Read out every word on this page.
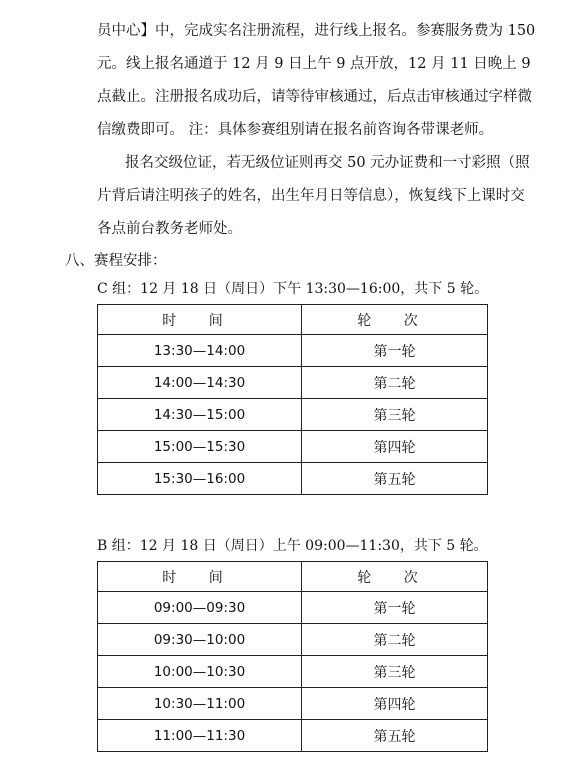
员中心】中，完成实名注册流程，进行线上报名。参赛服务费为 150
元。线上报名通道于 12 月 9 日上午 9 点开放，12 月 11 日晚上 9
点截止。注册报名成功后，请等待审核通过，后点击审核通过字样微
信缴费即可。 注：具体参赛组别请在报名前咨询各带课老师。
报名交级位证，若无级位证则再交 50 元办证费和一寸彩照（照
片背后请注明孩子的姓名，出生年月日等信息），恢复线下上课时交
各点前台教务老师处。
八、赛程安排：
C 组：12 月 18 日（周日）下午 13:30—16:00，共下 5 轮。
时 间	轮 次
13:30—14:00	第一轮
14:00—14:30	第二轮
14:30—15:00	第三轮
15:00—15:30	第四轮
15:30—16:00	第五轮
B 组：12 月 18 日（周日）上午 09:00—11:30，共下 5 轮。
时 间	轮 次
09:00—09:30	第一轮
09:30—10:00	第二轮
10:00—10:30	第三轮
10:30—11:00	第四轮
11:00—11:30	第五轮
